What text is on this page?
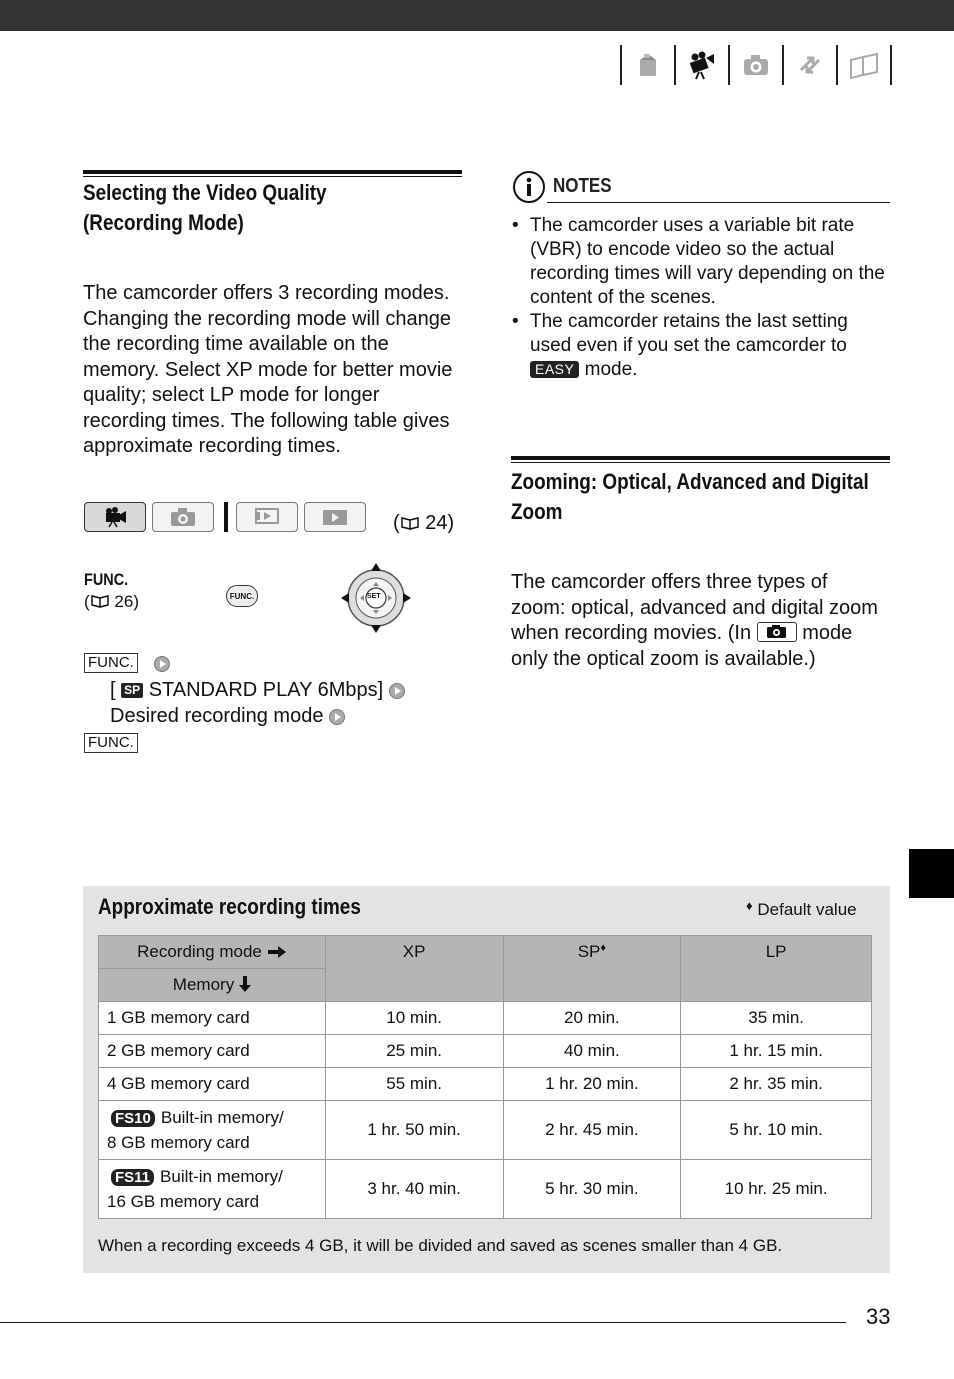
Selecting the Video Quality
(Recording Mode)
The camcorder offers 3 recording modes. Changing the recording mode will change the recording time available on the memory. Select XP mode for better movie quality; select LP mode for longer recording times. The following table gives approximate recording times.
( 24)
FUNC.
( 26)	FUNC.	SET
FUNC.
[ SP STANDARD PLAY 6Mbps]
Desired recording mode
FUNC.
NOTES
• The camcorder uses a variable bit rate (VBR) to encode video so the actual recording times will vary depending on the content of the scenes.
• The camcorder retains the last setting used even if you set the camcorder to
EASY mode.
Zooming: Optical, Advanced and Digital
Zoom
The camcorder offers three types of zoom: optical, advanced and digital zoom when recording movies. (In	mode only the optical zoom is available.)
Approximate recording times	♦ Default value
Recording mode	XP	SP♦	LP
Memory			
1 GB memory card	10 min.	20 min.	35 min.
2 GB memory card	25 min.	40 min.	1 hr. 15 min.
4 GB memory card	55 min.	1 hr. 20 min.	2 hr. 35 min.
FS10 Built-in memory/
8 GB memory card	1 hr. 50 min.	2 hr. 45 min.	5 hr. 10 min.
FS11 Built-in memory/
16 GB memory card	3 hr. 40 min.	5 hr. 30 min.	10 hr. 25 min.
When a recording exceeds 4 GB, it will be divided and saved as scenes smaller than 4 GB.
33
